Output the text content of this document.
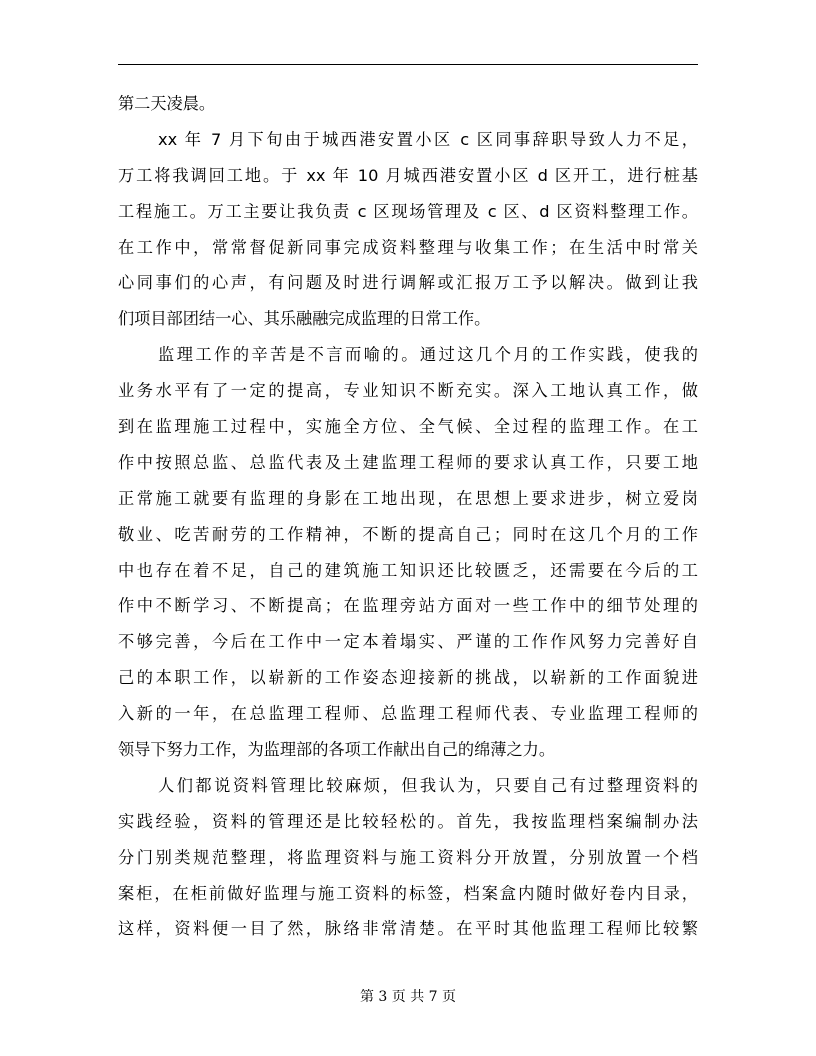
第二天凌晨。
xx 年 7 月下旬由于城西港安置小区 c 区同事辞职导致人力不足，
万工将我调回工地。于 xx 年 10 月城西港安置小区 d 区开工，进行桩基
工程施工。万工主要让我负责 c 区现场管理及 c 区、d 区资料整理工作。
在工作中，常常督促新同事完成资料整理与收集工作；在生活中时常关
心同事们的心声，有问题及时进行调解或汇报万工予以解决。做到让我
们项目部团结一心、其乐融融完成监理的日常工作。
监理工作的辛苦是不言而喻的。通过这几个月的工作实践，使我的
业务水平有了一定的提高，专业知识不断充实。深入工地认真工作，做
到在监理施工过程中，实施全方位、全气候、全过程的监理工作。在工
作中按照总监、总监代表及土建监理工程师的要求认真工作，只要工地
正常施工就要有监理的身影在工地出现，在思想上要求进步，树立爱岗
敬业、吃苦耐劳的工作精神，不断的提高自己；同时在这几个月的工作
中也存在着不足，自己的建筑施工知识还比较匮乏，还需要在今后的工
作中不断学习、不断提高；在监理旁站方面对一些工作中的细节处理的
不够完善，今后在工作中一定本着塌实、严谨的工作作风努力完善好自
己的本职工作，以崭新的工作姿态迎接新的挑战，以崭新的工作面貌进
入新的一年，在总监理工程师、总监理工程师代表、专业监理工程师的
领导下努力工作，为监理部的各项工作献出自己的绵薄之力。
人们都说资料管理比较麻烦，但我认为，只要自己有过整理资料的
实践经验，资料的管理还是比较轻松的。首先，我按监理档案编制办法
分门别类规范整理，将监理资料与施工资料分开放置，分别放置一个档
案柜，在柜前做好监理与施工资料的标签，档案盒内随时做好卷内目录，
这样，资料便一目了然，脉络非常清楚。在平时其他监理工程师比较繁
第 3 页 共 7 页
